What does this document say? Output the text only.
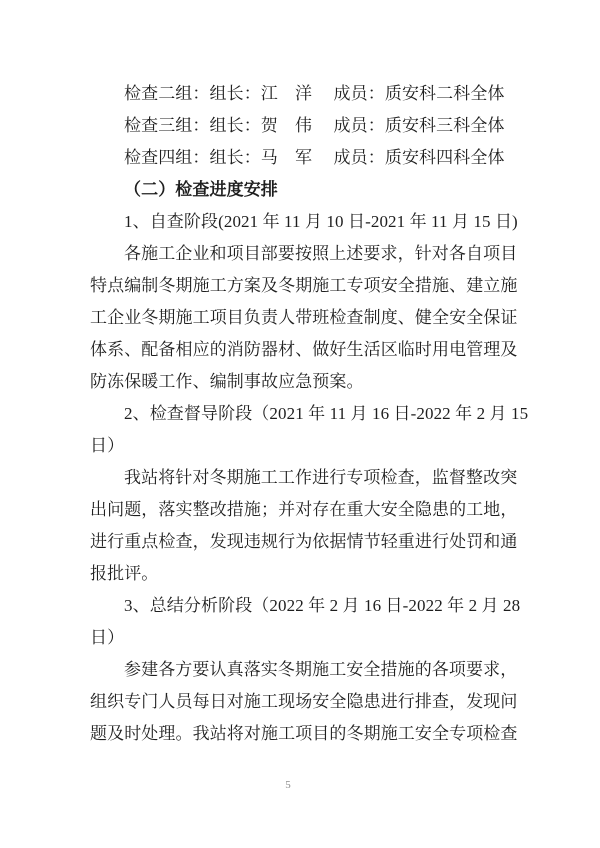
检查二组：组长：江　洋　 成员：质安科二科全体
检查三组：组长：贺　伟　 成员：质安科三科全体
检查四组：组长：马　军　 成员：质安科四科全体
（二）检查进度安排
1、自查阶段(2021 年 11 月 10 日-2021 年 11 月 15 日)
各施工企业和项目部要按照上述要求，针对各自项目
特点编制冬期施工方案及冬期施工专项安全措施、建立施
工企业冬期施工项目负责人带班检查制度、健全安全保证
体系、配备相应的消防器材、做好生活区临时用电管理及
防冻保暖工作、编制事故应急预案。
2、检查督导阶段（2021 年 11 月 16 日-2022 年 2 月 15
日）
我站将针对冬期施工工作进行专项检查，监督整改突
出问题，落实整改措施；并对存在重大安全隐患的工地，
进行重点检查，发现违规行为依据情节轻重进行处罚和通
报批评。
3、总结分析阶段（2022 年 2 月 16 日-2022 年 2 月 28
日）
参建各方要认真落实冬期施工安全措施的各项要求，
组织专门人员每日对施工现场安全隐患进行排查，发现问
题及时处理。我站将对施工项目的冬期施工安全专项检查
5
